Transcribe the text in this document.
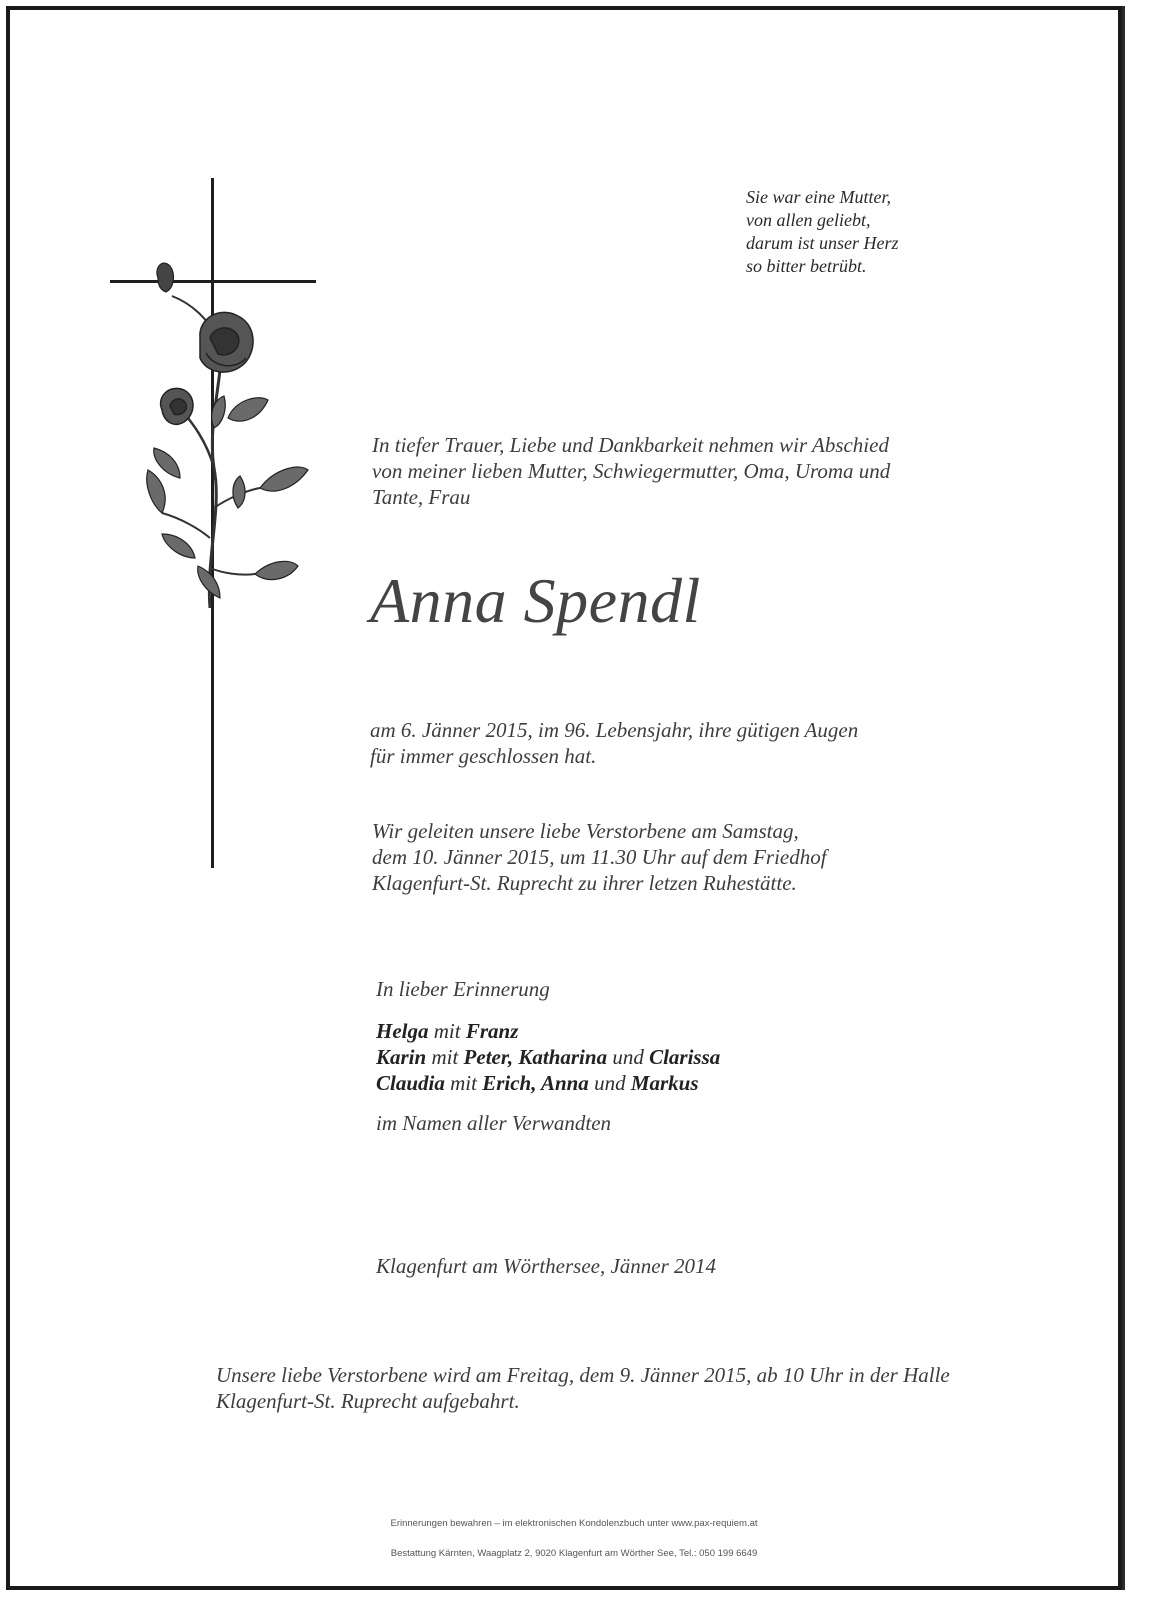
Sie war eine Mutter,
von allen geliebt,
darum ist unser Herz
so bitter betrübt.
In tiefer Trauer, Liebe und Dankbarkeit nehmen wir Abschied
von meiner lieben Mutter, Schwiegermutter, Oma, Uroma und
Tante, Frau
Anna Spendl
am 6. Jänner 2015, im 96. Lebensjahr, ihre gütigen Augen
für immer geschlossen hat.
Wir geleiten unsere liebe Verstorbene am Samstag,
dem 10. Jänner 2015, um 11.30 Uhr auf dem Friedhof
Klagenfurt-St. Ruprecht zu ihrer letzen Ruhestätte.
In lieber Erinnerung
Helga mit Franz
Karin mit Peter, Katharina und Clarissa
Claudia mit Erich, Anna und Markus
im Namen aller Verwandten
Klagenfurt am Wörthersee, Jänner 2014
Unsere liebe Verstorbene wird am Freitag, dem 9. Jänner 2015, ab 10 Uhr in der Halle
Klagenfurt-St. Ruprecht aufgebahrt.
Erinnerungen bewahren – im elektronischen Kondolenzbuch unter www.pax-requiem.at
Bestattung Kärnten, Waagplatz 2, 9020 Klagenfurt am Wörther See, Tel.: 050 199 6649
